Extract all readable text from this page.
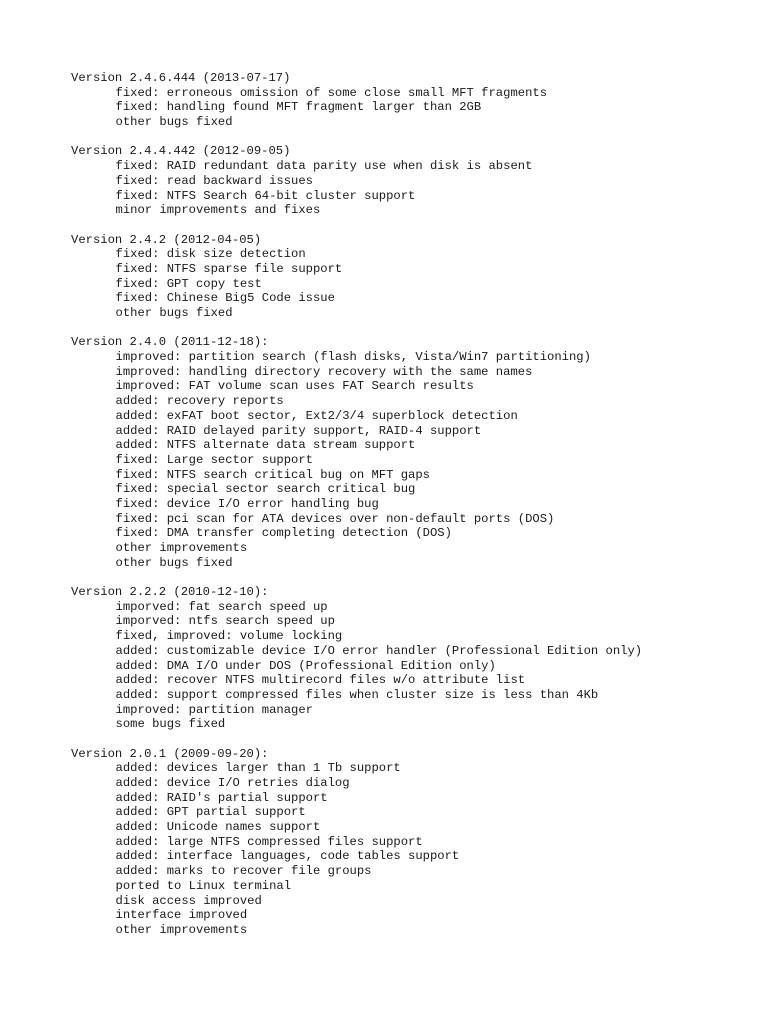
Version 2.4.6.444 (2013-07-17)
fixed: erroneous omission of some close small MFT fragments
fixed: handling found MFT fragment larger than 2GB
other bugs fixed
Version 2.4.4.442 (2012-09-05)
fixed: RAID redundant data parity use when disk is absent
fixed: read backward issues
fixed: NTFS Search 64-bit cluster support
minor improvements and fixes
Version 2.4.2 (2012-04-05)
fixed: disk size detection
fixed: NTFS sparse file support
fixed: GPT copy test
fixed: Chinese Big5 Code issue
other bugs fixed
Version 2.4.0 (2011-12-18):
improved: partition search (flash disks, Vista/Win7 partitioning)
improved: handling directory recovery with the same names
improved: FAT volume scan uses FAT Search results
added: recovery reports
added: exFAT boot sector, Ext2/3/4 superblock detection
added: RAID delayed parity support, RAID-4 support
added: NTFS alternate data stream support
fixed: Large sector support
fixed: NTFS search critical bug on MFT gaps
fixed: special sector search critical bug
fixed: device I/O error handling bug
fixed: pci scan for ATA devices over non-default ports (DOS)
fixed: DMA transfer completing detection (DOS)
other improvements
other bugs fixed
Version 2.2.2 (2010-12-10):
imporved: fat search speed up
imporved: ntfs search speed up
fixed, improved: volume locking
added: customizable device I/O error handler (Professional Edition only)
added: DMA I/O under DOS (Professional Edition only)
added: recover NTFS multirecord files w/o attribute list
added: support compressed files when cluster size is less than 4Kb
improved: partition manager
some bugs fixed
Version 2.0.1 (2009-09-20):
added: devices larger than 1 Tb support
added: device I/O retries dialog
added: RAID's partial support
added: GPT partial support
added: Unicode names support
added: large NTFS compressed files support
added: interface languages, code tables support
added: marks to recover file groups
ported to Linux terminal
disk access improved
interface improved
other improvements
